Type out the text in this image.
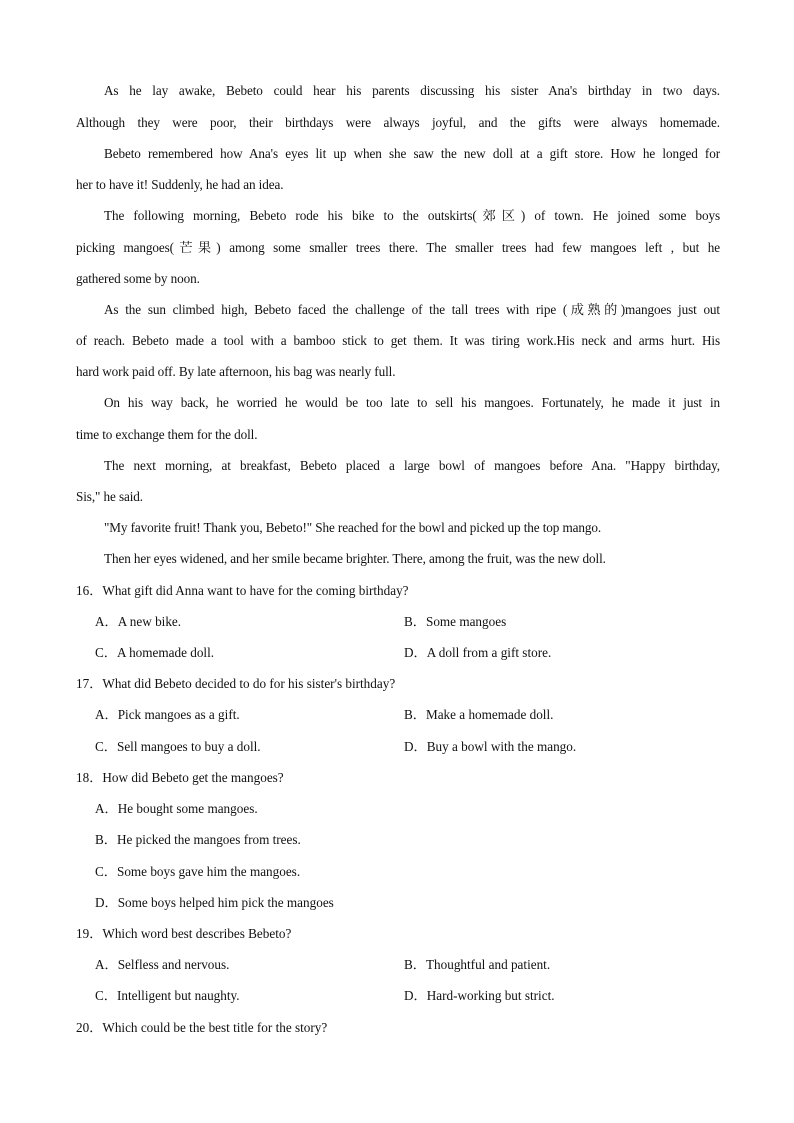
As he lay awake, Bebeto could hear his parents discussing his sister Ana's birthday in two days.
Although they were poor, their birthdays were always joyful, and the gifts were always homemade.
Bebeto remembered how Ana's eyes lit up when she saw the new doll at a gift store. How he longed for
her to have it! Suddenly, he had an idea.
The following morning, Bebeto rode his bike to the outskirts(郊区) of town. He joined some boys
picking mangoes(芒果) among some smaller trees there. The smaller trees had few mangoes left , but he
gathered some by noon.
As the sun climbed high, Bebeto faced the challenge of the tall trees with ripe (成熟的)mangoes just out
of reach. Bebeto made a tool with a bamboo stick to get them. It was tiring work.His neck and arms hurt. His
hard work paid off. By late afternoon, his bag was nearly full.
On his way back, he worried he would be too late to sell his mangoes. Fortunately, he made it just in
time to exchange them for the doll.
The next morning, at breakfast, Bebeto placed a large bowl of mangoes before Ana. "Happy birthday,
Sis," he said.
"My favorite fruit! Thank you, Bebeto!" She reached for the bowl and picked up the top mango.
Then her eyes widened, and her smile became brighter. There, among the fruit, was the new doll.
16．What gift did Anna want to have for the coming birthday?
A．A new bike.	B．Some mangoes
C．A homemade doll.	D．A doll from a gift store.
17．What did Bebeto decided to do for his sister's birthday?
A．Pick mangoes as a gift.	B．Make a homemade doll.
C．Sell mangoes to buy a doll.	D．Buy a bowl with the mango.
18．How did Bebeto get the mangoes?
A．He bought some mangoes.
B．He picked the mangoes from trees.
C．Some boys gave him the mangoes.
D．Some boys helped him pick the mangoes
19．Which word best describes Bebeto?
A．Selfless and nervous.	B．Thoughtful and patient.
C．Intelligent but naughty.	D．Hard-working but strict.
20．Which could be the best title for the story?
